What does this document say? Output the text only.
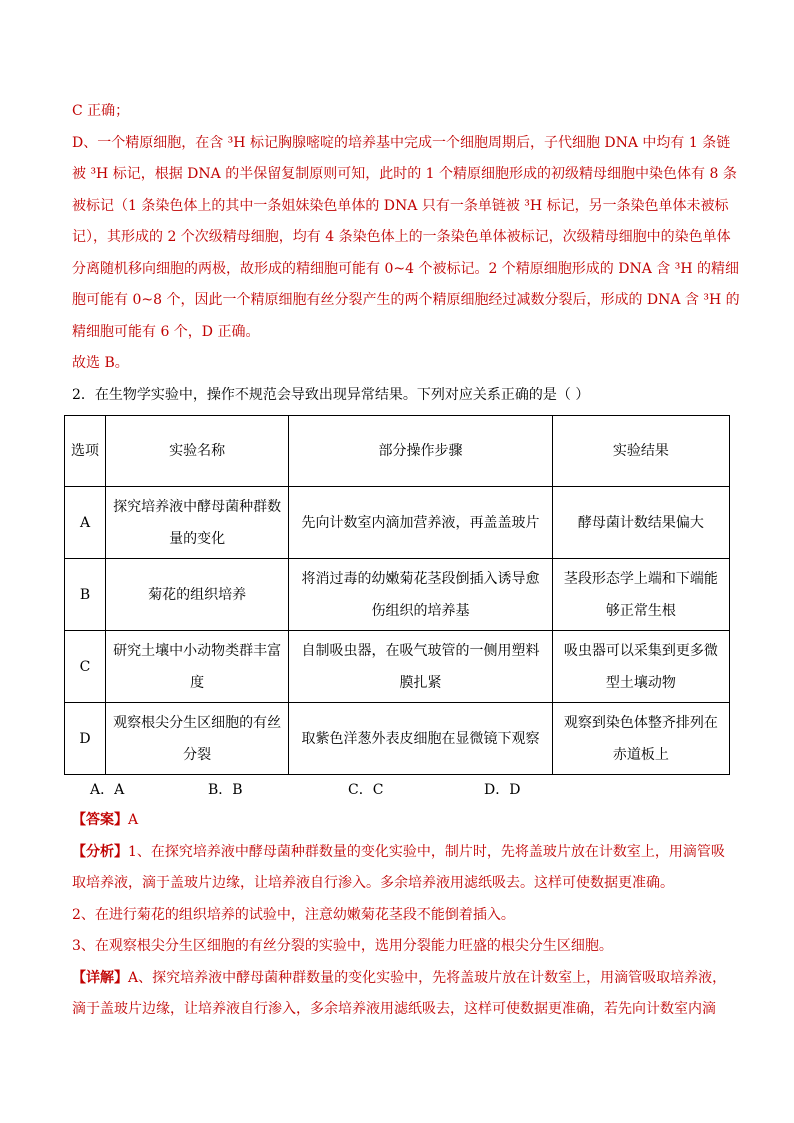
C 正确；
D、一个精原细胞，在含 ³H 标记胸腺嘧啶的培养基中完成一个细胞周期后，子代细胞 DNA 中均有 1 条链
被 ³H 标记，根据 DNA 的半保留复制原则可知，此时的 1 个精原细胞形成的初级精母细胞中染色体有 8 条
被标记（1 条染色体上的其中一条姐妹染色单体的 DNA 只有一条单链被 ³H 标记，另一条染色单体未被标
记），其形成的 2 个次级精母细胞，均有 4 条染色体上的一条染色单体被标记，次级精母细胞中的染色单体
分离随机移向细胞的两极，故形成的精细胞可能有 0~4 个被标记。2 个精原细胞形成的 DNA 含 ³H 的精细
胞可能有 0~8 个，因此一个精原细胞有丝分裂产生的两个精原细胞经过减数分裂后，形成的 DNA 含 ³H 的
精细胞可能有 6 个，D 正确。
故选 B。
2．在生物学实验中，操作不规范会导致出现异常结果。下列对应关系正确的是（ ）
选项	实验名称	部分操作步骤	实验结果
A	探究培养液中酵母菌种群数量的变化	先向计数室内滴加营养液，再盖盖玻片	酵母菌计数结果偏大
B	菊花的组织培养	将消过毒的幼嫩菊花茎段倒插入诱导愈伤组织的培养基	茎段形态学上端和下端能够正常生根
C	研究土壤中小动物类群丰富度	自制吸虫器，在吸气玻管的一侧用塑料膜扎紧	吸虫器可以采集到更多微型土壤动物
D	观察根尖分生区细胞的有丝分裂	取紫色洋葱外表皮细胞在显微镜下观察	观察到染色体整齐排列在赤道板上
A．A	B．B	C．C	D．D
【答案】A
【分析】1、在探究培养液中酵母菌种群数量的变化实验中，制片时，先将盖玻片放在计数室上，用滴管吸
取培养液，滴于盖玻片边缘，让培养液自行渗入。多余培养液用滤纸吸去。这样可使数据更准确。
2、在进行菊花的组织培养的试验中，注意幼嫩菊花茎段不能倒着插入。
3、在观察根尖分生区细胞的有丝分裂的实验中，选用分裂能力旺盛的根尖分生区细胞。
【详解】A、探究培养液中酵母菌种群数量的变化实验中，先将盖玻片放在计数室上，用滴管吸取培养液，
滴于盖玻片边缘，让培养液自行渗入，多余培养液用滤纸吸去，这样可使数据更准确，若先向计数室内滴
